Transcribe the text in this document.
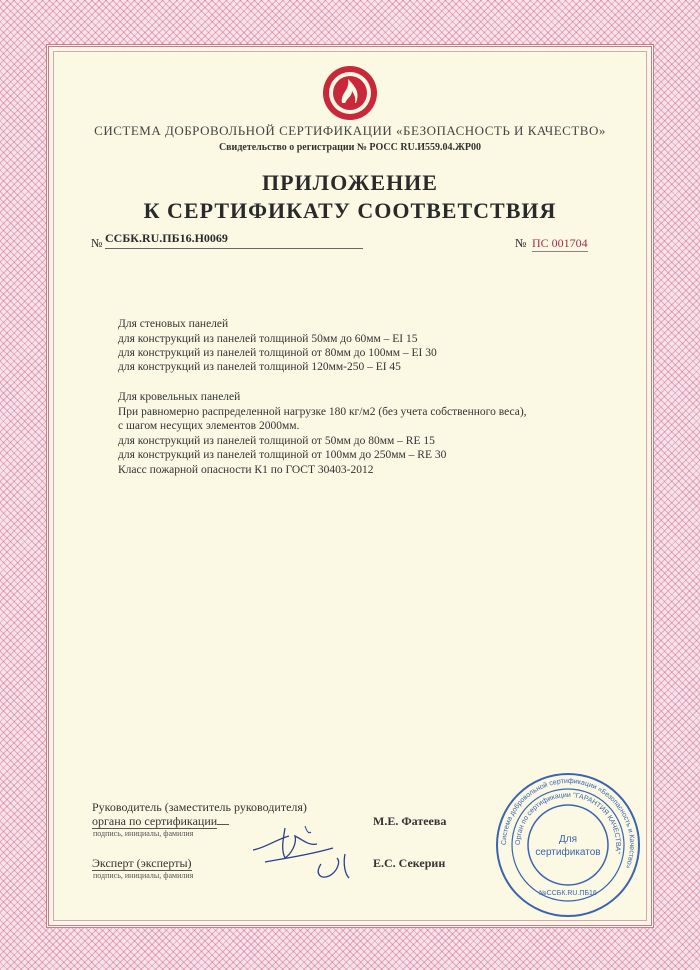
СИСТЕМА ДОБРОВОЛЬНОЙ СЕРТИФИКАЦИИ «БЕЗОПАСНОСТЬ И КАЧЕСТВО»
Свидетельство о регистрации № РОСС RU.И559.04.ЖР00
ПРИЛОЖЕНИЕ
К СЕРТИФИКАТУ СООТВЕТСТВИЯ
№ ССБК.RU.ПБ16.Н0069	№ ПС 001704
Для стеновых панелей
для конструкций из панелей толщиной 50мм до 60мм – EI 15
для конструкций из панелей толщиной от 80мм до 100мм – EI 30
для конструкций из панелей толщиной 120мм-250 – EI 45
Для кровельных панелей
При равномерно распределенной нагрузке 180 кг/м2 (без учета собственного веса),
с шагом несущих элементов 2000мм.
для конструкций из панелей толщиной от 50мм до 80мм – RE 15
для конструкций из панелей толщиной от 100мм до 250мм – RE 30
Класс пожарной опасности К1 по ГОСТ 30403-2012
Руководитель (заместитель руководителя)
органа по сертификации
подпись, инициалы, фамилия
М.Е. Фатеева
Эксперт (эксперты)
подпись, инициалы, фамилия
Е.С. Секерин
Система добровольной сертификации «Безопасность и Качество»
Орган по сертификации "ГАРАНТИЯ КАЧЕСТВА"
№ССБК.RU.ПБ16
Для
сертификатов
